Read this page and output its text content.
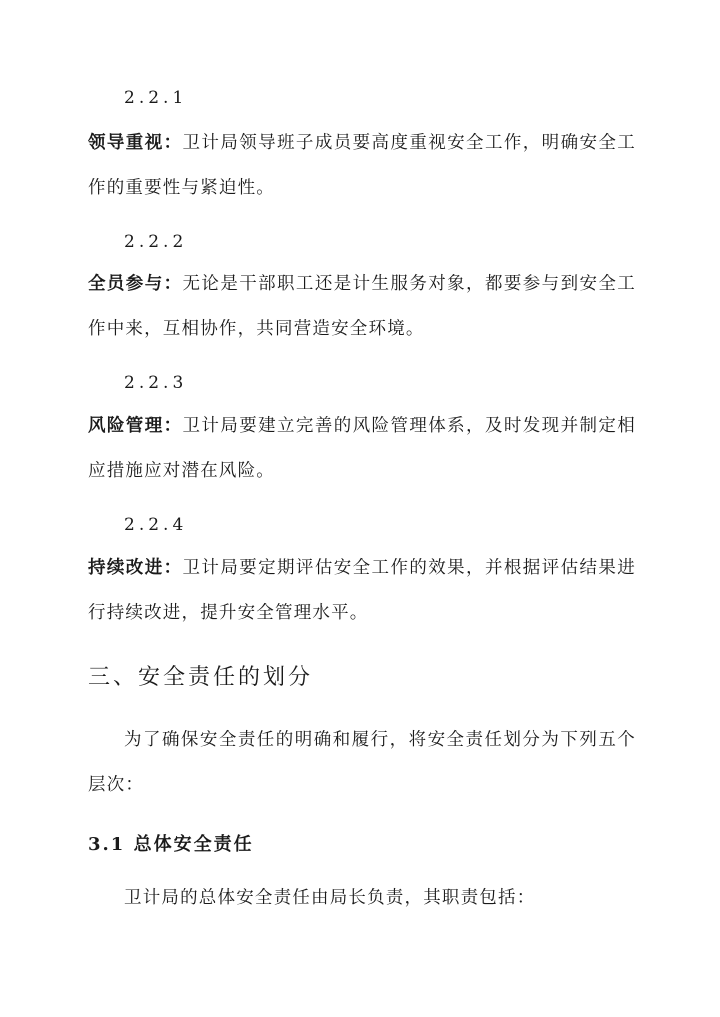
2.2.1
领导重视：卫计局领导班子成员要高度重视安全工作，明确安全工作的重要性与紧迫性。
2.2.2
全员参与：无论是干部职工还是计生服务对象，都要参与到安全工作中来，互相协作，共同营造安全环境。
2.2.3
风险管理：卫计局要建立完善的风险管理体系，及时发现并制定相应措施应对潜在风险。
2.2.4
持续改进：卫计局要定期评估安全工作的效果，并根据评估结果进行持续改进，提升安全管理水平。
三、安全责任的划分
为了确保安全责任的明确和履行，将安全责任划分为下列五个层次：
3.1 总体安全责任
卫计局的总体安全责任由局长负责，其职责包括：
